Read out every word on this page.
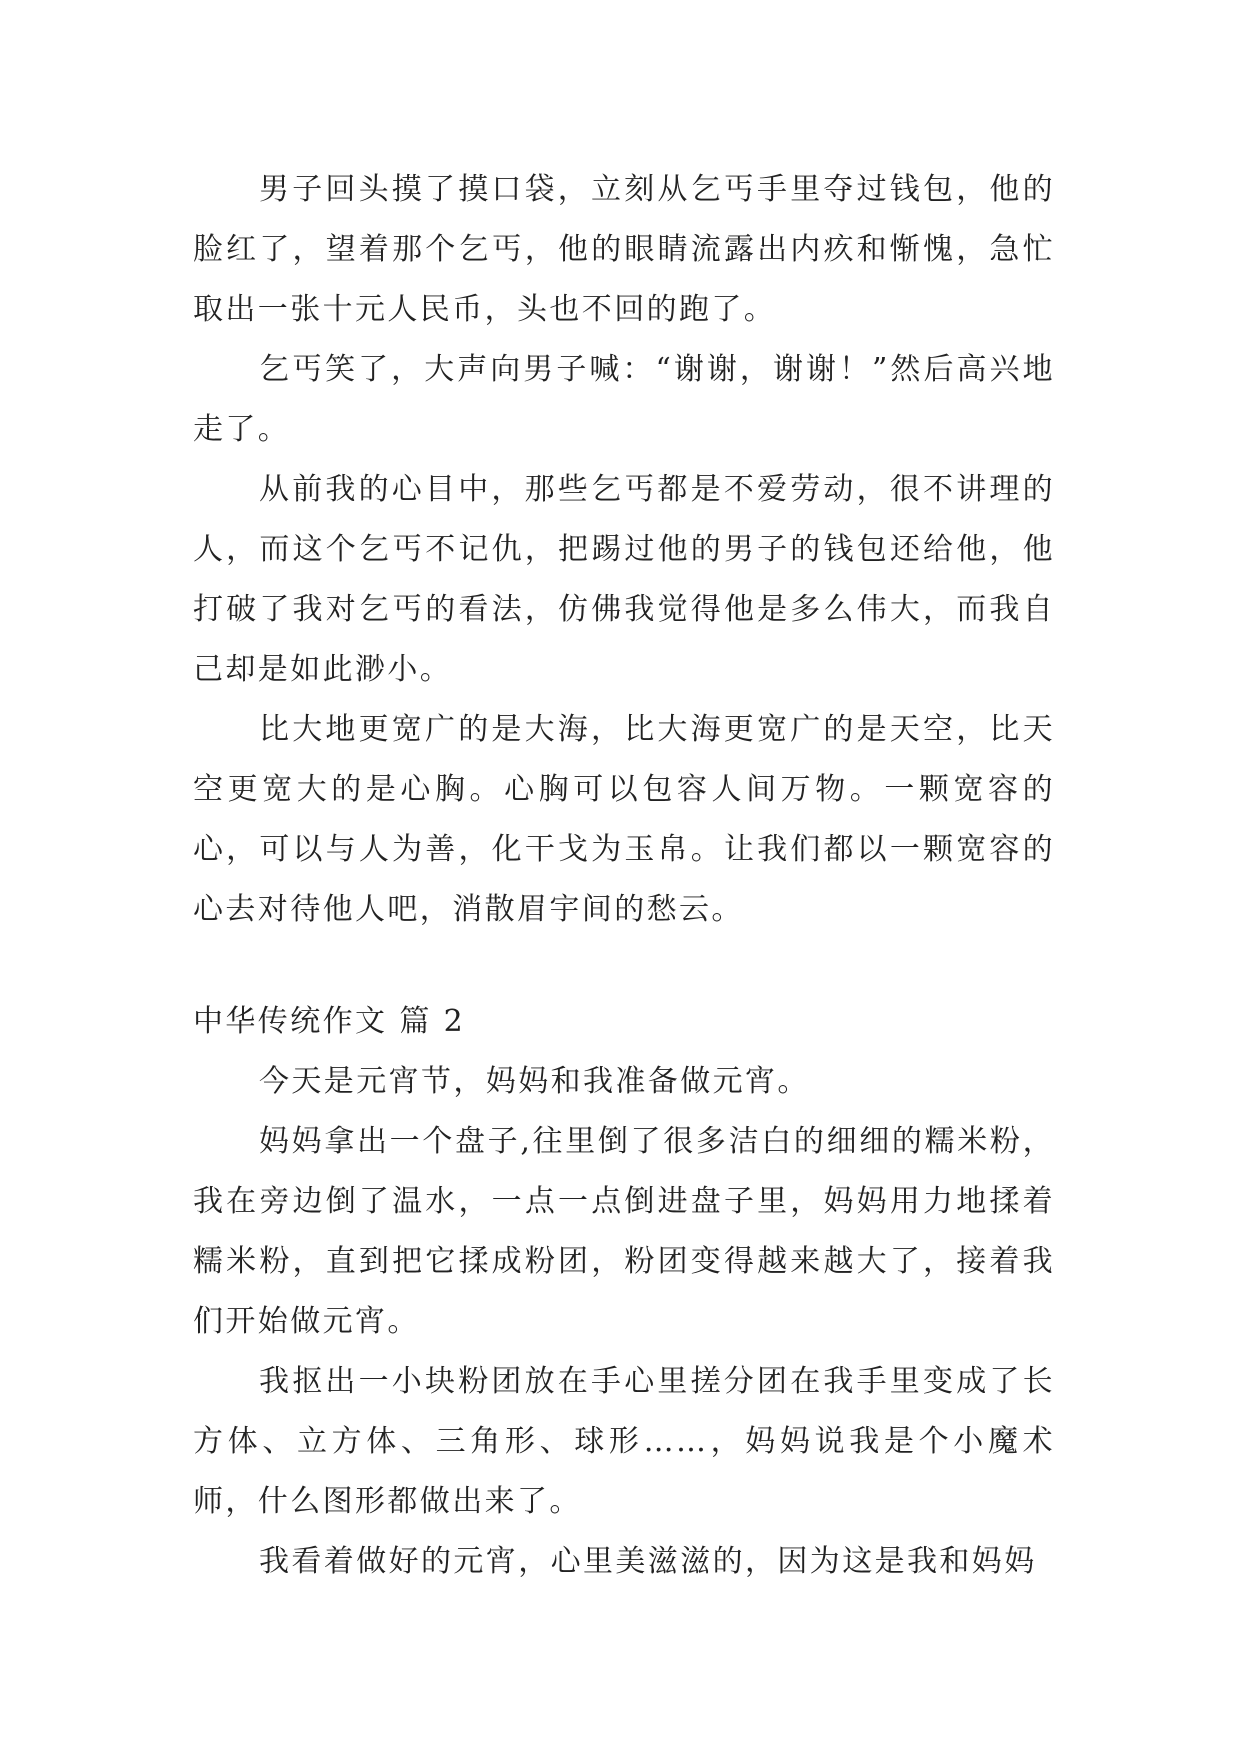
男子回头摸了摸口袋，立刻从乞丐手里夺过钱包，他的脸红了，望着那个乞丐，他的眼睛流露出内疚和惭愧，急忙取出一张十元人民币，头也不回的跑了。

乞丐笑了，大声向男子喊：“谢谢，谢谢！”然后高兴地走了。

从前我的心目中，那些乞丐都是不爱劳动，很不讲理的人，而这个乞丐不记仇，把踢过他的男子的钱包还给他，他打破了我对乞丐的看法，仿佛我觉得他是多么伟大，而我自己却是如此渺小。

比大地更宽广的是大海，比大海更宽广的是天空，比天空更宽大的是心胸。心胸可以包容人间万物。一颗宽容的心，可以与人为善，化干戈为玉帛。让我们都以一颗宽容的心去对待他人吧，消散眉宇间的愁云。

中华传统作文 篇 2

今天是元宵节，妈妈和我准备做元宵。

妈妈拿出一个盘子,往里倒了很多洁白的细细的糯米粉，我在旁边倒了温水，一点一点倒进盘子里，妈妈用力地揉着糯米粉，直到把它揉成粉团，粉团变得越来越大了，接着我们开始做元宵。

我抠出一小块粉团放在手心里搓分团在我手里变成了长方体、立方体、三角形、球形……，妈妈说我是个小魔术师，什么图形都做出来了。

我看着做好的元宵，心里美滋滋的，因为这是我和妈妈
